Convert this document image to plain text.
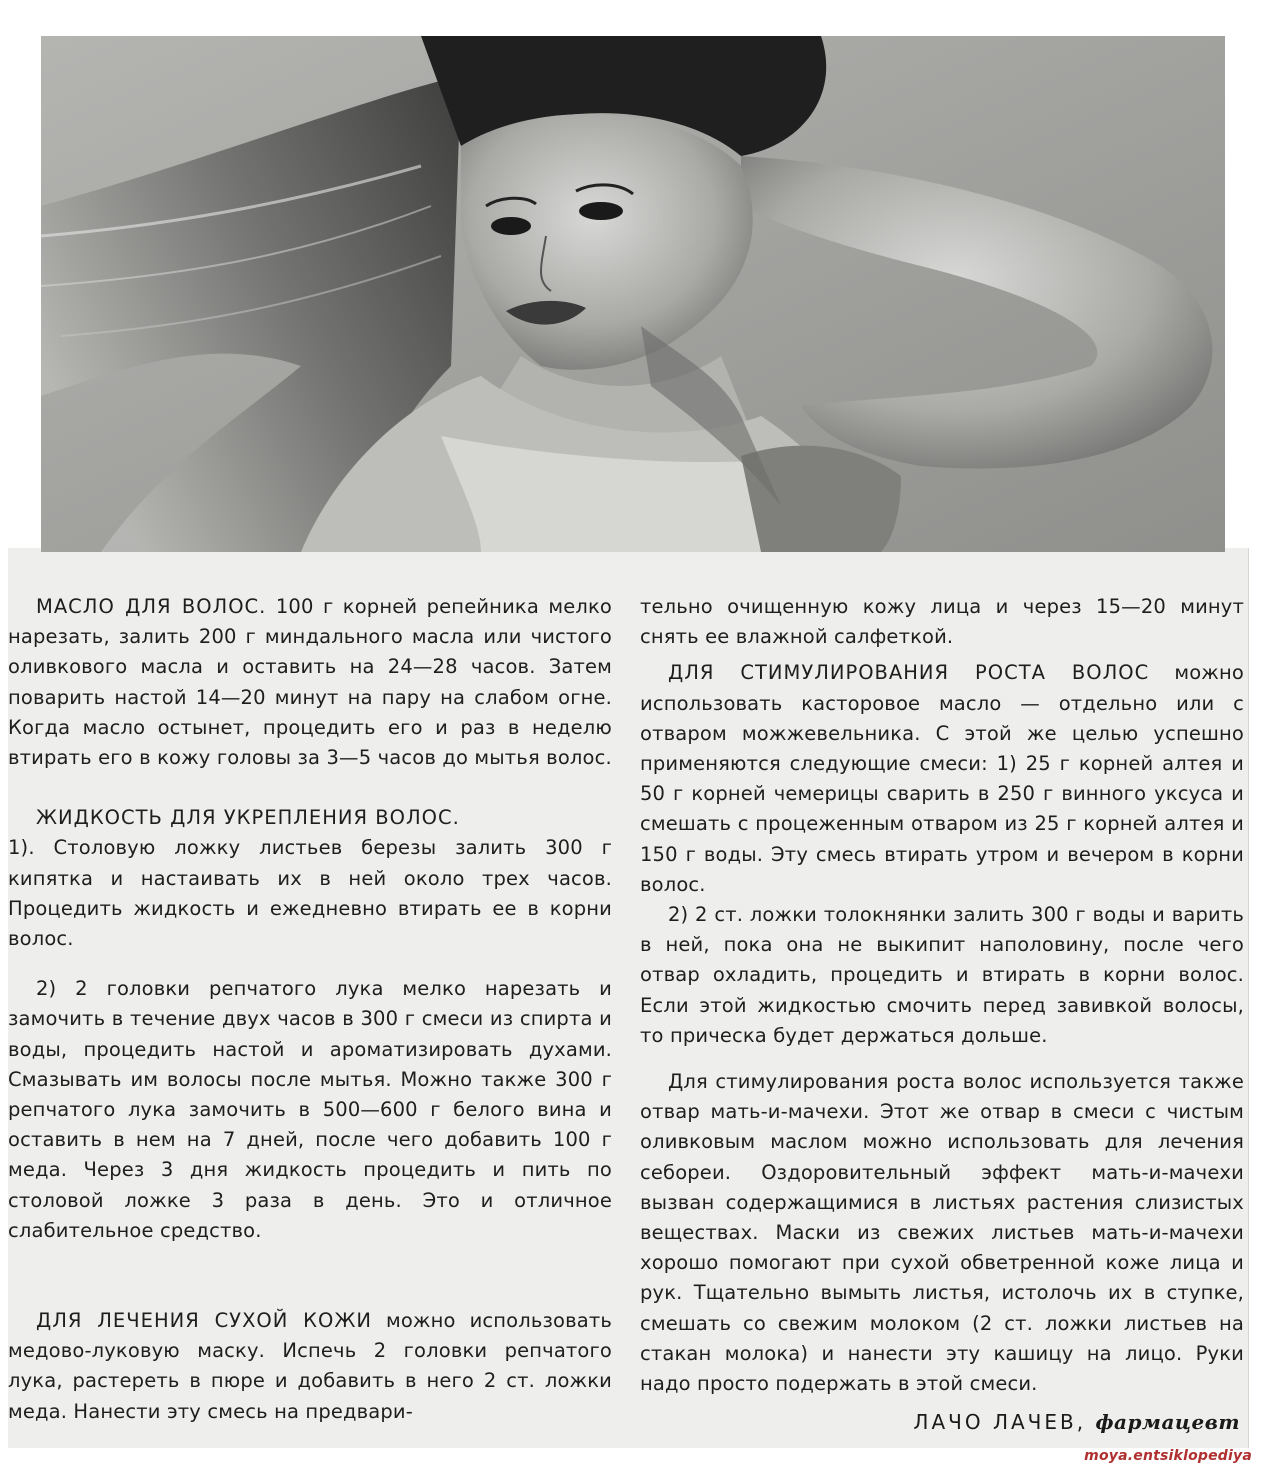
МАСЛО ДЛЯ ВОЛОС. 100 г корней репейника мелко нарезать, залить 200 г миндального масла или чистого оливкового масла и оставить на 24—28 часов. Затем поварить настой 14—20 минут на пару на слабом огне. Когда масло остынет, процедить его и раз в неделю втирать его в кожу головы за 3—5 часов до мытья волос.

ЖИДКОСТЬ ДЛЯ УКРЕПЛЕНИЯ ВОЛОС.

1). Столовую ложку листьев березы залить 300 г кипятка и настаивать их в ней около трех часов. Процедить жидкость и ежедневно втирать ее в корни волос.

2) 2 головки репчатого лука мелко нарезать и замочить в течение двух часов в 300 г смеси из спирта и воды, процедить настой и ароматизировать духами. Смазывать им волосы после мытья. Можно также 300 г репчатого лука замочить в 500—600 г белого вина и оставить в нем на 7 дней, после чего добавить 100 г меда. Через 3 дня жидкость процедить и пить по столовой ложке 3 раза в день. Это и отличное слабительное средство.

ДЛЯ ЛЕЧЕНИЯ СУХОЙ КОЖИ можно использовать медово-луковую маску. Испечь 2 головки репчатого лука, растереть в пюре и добавить в него 2 ст. ложки меда. Нанести эту смесь на предвари-

тельно очищенную кожу лица и через 15—20 минут снять ее влажной салфеткой.

ДЛЯ СТИМУЛИРОВАНИЯ РОСТА ВОЛОС можно использовать касторовое масло — отдельно или с отваром можжевельника. С этой же целью успешно применяются следующие смеси: 1) 25 г корней алтея и 50 г корней чемерицы сварить в 250 г винного уксуса и смешать с процеженным отваром из 25 г корней алтея и 150 г воды. Эту смесь втирать утром и вечером в корни волос.

2) 2 ст. ложки толокнянки залить 300 г воды и варить в ней, пока она не выкипит наполовину, после чего отвар охладить, процедить и втирать в корни волос. Если этой жидкостью смочить перед завивкой волосы, то прическа будет держаться дольше.

Для стимулирования роста волос используется также отвар мать-и-мачехи. Этот же отвар в смеси с чистым оливковым маслом можно использовать для лечения себореи. Оздоровительный эффект мать-и-мачехи вызван содержащимися в листьях растения слизистых веществах. Маски из свежих листьев мать-и-мачехи хорошо помогают при сухой обветренной коже лица и рук. Тщательно вымыть листья, истолочь их в ступке, смешать со свежим молоком (2 ст. ложки листьев на стакан молока) и нанести эту кашицу на лицо. Руки надо просто подержать в этой смеси.

ЛАЧО ЛАЧЕВ, фармацевт
moya.entsiklopediya
